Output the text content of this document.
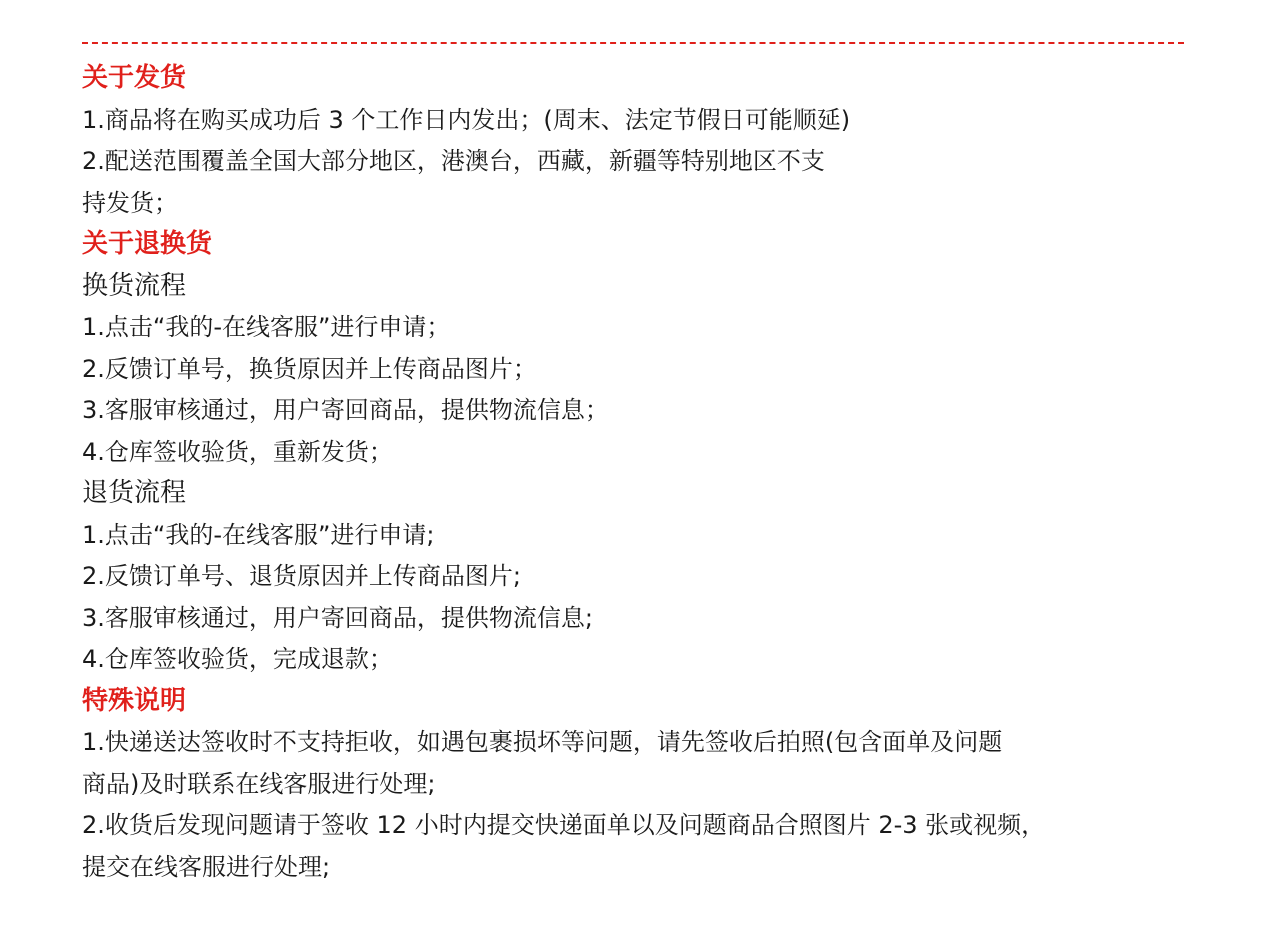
关于发货
1.商品将在购买成功后 3 个工作日内发出；(周末、法定节假日可能顺延)
2.配送范围覆盖全国大部分地区，港澳台，西藏，新疆等特别地区不支
持发货；
关于退换货
换货流程
1.点击“我的-在线客服”进行申请；
2.反馈订单号，换货原因并上传商品图片；
3.客服审核通过，用户寄回商品，提供物流信息；
4.仓库签收验货，重新发货；
退货流程
1.点击“我的-在线客服”进行申请;
2.反馈订单号、退货原因并上传商品图片;
3.客服审核通过，用户寄回商品，提供物流信息;
4.仓库签收验货，完成退款；
特殊说明
1.快递送达签收时不支持拒收，如遇包裹损坏等问题，请先签收后拍照(包含面单及问题
商品)及时联系在线客服进行处理;
2.收货后发现问题请于签收 12 小时内提交快递面单以及问题商品合照图片 2-3 张或视频，
提交在线客服进行处理;
